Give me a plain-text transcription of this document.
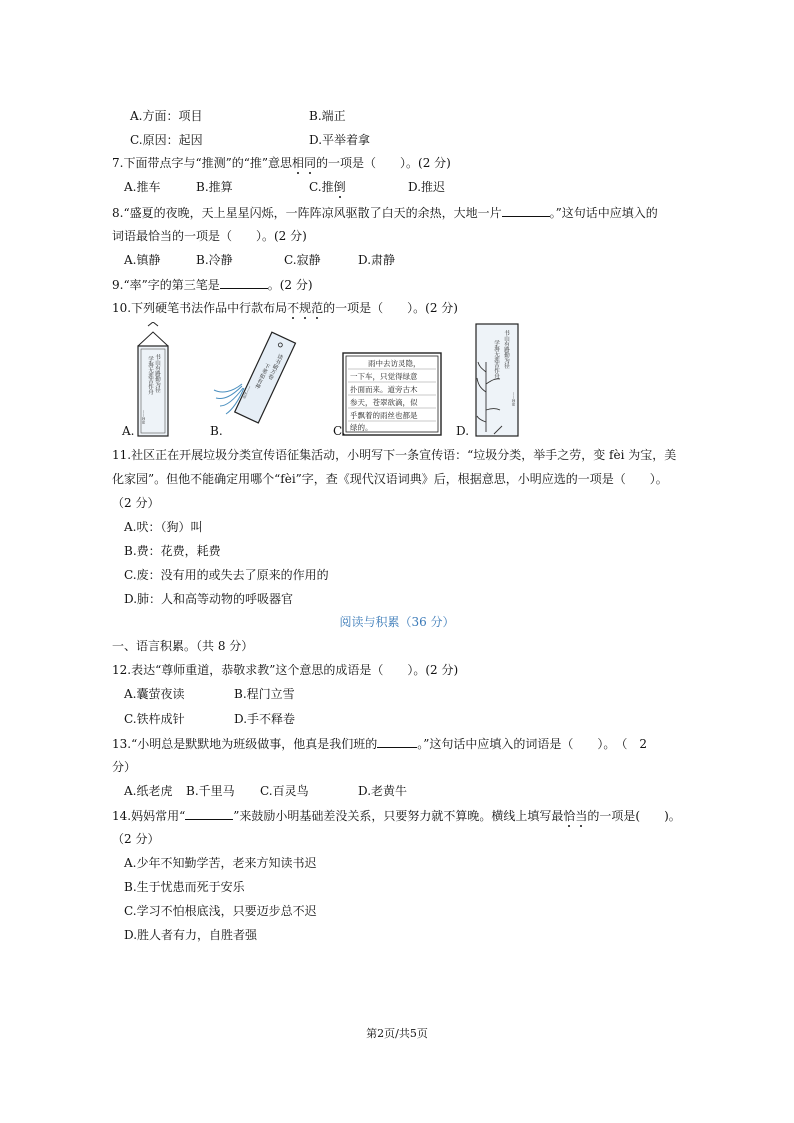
A.方面：项目	B.端正
C.原因：起因	D.平举着拿
7.下面带点字与“推测”的“推”意思相同的一项是（　　）。(2 分)
A.推车	B.推算	C.推倒	D.推迟
8.“盛夏的夜晚，天上星星闪烁，一阵阵凉风驱散了白天的余热，大地一片	。”这句话中应填入的
词语最恰当的一项是（　　）。(2 分)
A.镇静	B.冷静	C.寂静	D.肃静
9.“率”字的第三笔是	。(2 分)
10.下列硬笔书法作品中行款布局不规范的一项是（　　）。(2 分)
书山有路勤为径
学海无涯苦作舟
——韩愈
A.
读书破万卷
下笔如有神
——杜甫
B.
雨中去访灵隐，
一下车，只觉得绿意
扑面而来。道旁古木
参天，苍翠欲滴，似
乎飘着的雨丝也都是
绿的。
C.
书山有路勤为径
学海无涯苦作舟
——韩愈
D.
11.社区正在开展垃圾分类宣传语征集活动，小明写下一条宣传语：“垃圾分类，举手之劳，变 fèi 为宝，美
化家园”。但他不能确定用哪个“fèi”字，查《现代汉语词典》后，根据意思，小明应选的一项是（　　）。
（2 分）
A.吠：（狗）叫
B.费：花费，耗费
C.废：没有用的或失去了原来的作用的
D.肺：人和高等动物的呼吸器官
阅读与积累（36 分）
一、语言积累。（共 8 分）
12.表达“尊师重道，恭敬求教”这个意思的成语是（　　）。(2 分)
A.囊萤夜读	B.程门立雪
C.铁杵成针	D.手不释卷
13.“小明总是默默地为班级做事，他真是我们班的	。”这句话中应填入的词语是（　　）。　（　2
分）
A.纸老虎 B.千里马 C.百灵鸟	D.老黄牛
14.妈妈常用“	”来鼓励小明基础差没关系，只要努力就不算晚。横线上填写最恰当的一项是(　　)。
（2 分）
A.少年不知勤学苦，老来方知读书迟
B.生于忧患而死于安乐
C.学习不怕根底浅，只要迈步总不迟
D.胜人者有力，自胜者强
第2页/共5页
